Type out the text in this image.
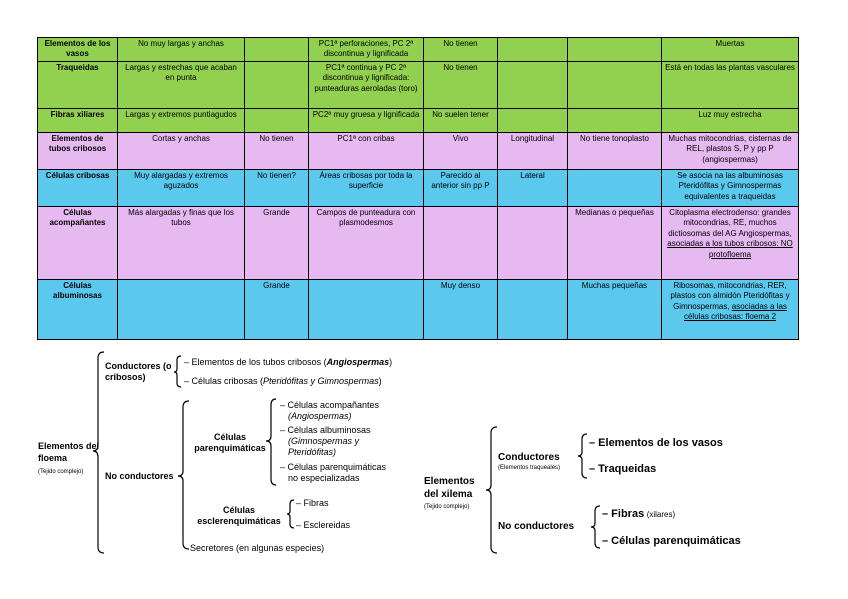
Elementos de los vasos	No muy largas y anchas		PC1ª perforaciones, PC 2ª discontinua y lignificada	No tienen			Muertas
Traqueidas	Largas y estrechas que acaban en punta		PC1ª continua y PC 2ª discontinua y lignificada: punteaduras aeroladas (toro)	No tienen			Está en todas las plantas vasculares
Fibras xiliares	Largas y extremos puntiagudos		PC2ª muy gruesa y lignificada	No suelen tener			Luz muy estrecha
Elementos de tubos cribosos	Cortas y anchas	No tienen	PC1ª con cribas	Vivo	Longitudinal	No tiene tonoplasto	Muchas mitocondrias, cisternas de REL, plastos S, P y pp P (angiospermas)
Células cribosas	Muy alargadas y extremos aguzados	No tienen?	Áreas cribosas por toda la superficie	Parecido al anterior sin pp P	Lateral		Se asocia na las albuminosas Pteridófitas y Gimnospermas equivalentes a traqueidas
Células acompañantes	Más alargadas y finas que los tubos	Grande	Campos de punteadura con plasmodesmos			Medianas o pequeñas	Citoplasma electrodenso: grandes mitocondrias, RE, muchos dictiosomas del AG Angiospermas, asociadas a los tubos cribosos: NO protofloema
Células albuminosas		Grande		Muy denso		Muchas pequeñas	Ribosomas, mitocondrias, RER, plastos con almidón Pteridófitas y Gimnospermas, asociadas a las células cribosas: floema 2
Elementos del floema
(Tejido complejo)
Conductores (o cribosos)
– Elementos de los tubos cribosos (Angiospermas)
– Células cribosas (Pteridófitas y Gimnospermas)
No conductores
Células parenquimáticas
– Células acompañantes
(Angiospermas)
– Células albuminosas
(Gimnospermas y
Pteridófitas)
– Células parenquimáticas
no especializadas
Células esclerenquimáticas
– Fibras
– Esclereidas
Secretores (en algunas especies)
Elementos del xilema
(Tejido complejo)
Conductores
(Elementos traqueales)
– Elementos de los vasos
– Traqueidas
No conductores
– Fibras (xilares)
– Células parenquimáticas
